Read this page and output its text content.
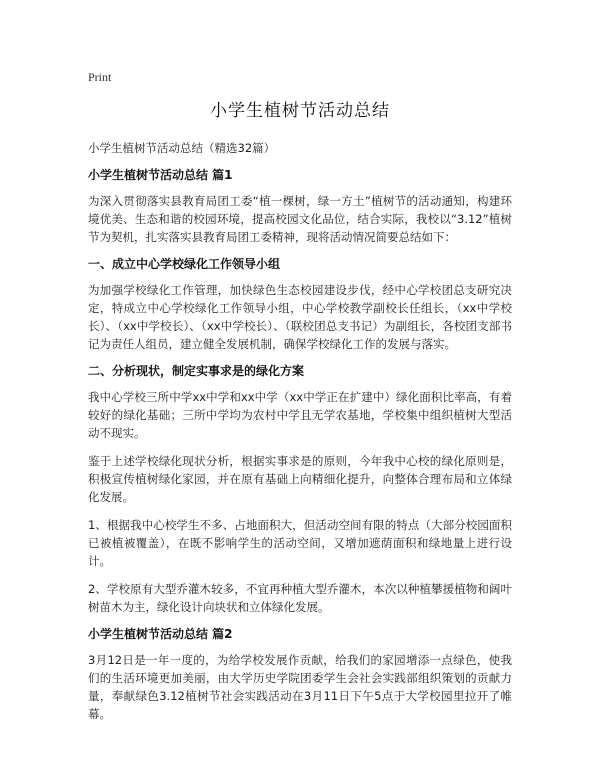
Print
小学生植树节活动总结

小学生植树节活动总结（精选32篇）

小学生植树节活动总结 篇1

为深入贯彻落实县教育局团工委“植一棵树，绿一方土”植树节的活动通知，构建环境优美、生态和谐的校园环境，提高校园文化品位，结合实际，我校以“3.12”植树节为契机，扎实落实县教育局团工委精神，现将活动情况简要总结如下：

一、成立中心学校绿化工作领导小组

为加强学校绿化工作管理，加快绿色生态校园建设步伐，经中心学校团总支研究决定，特成立中心学校绿化工作领导小组，中心学校教学副校长任组长，（xx中学校长）、（xx中学校长）、（xx中学校长）、（联校团总支书记）为副组长，各校团支部书记为责任人组员，建立健全发展机制，确保学校绿化工作的发展与落实。

二、分析现状，制定实事求是的绿化方案

我中心学校三所中学xx中学和xx中学（xx中学正在扩建中）绿化面积比率高，有着较好的绿化基础；三所中学均为农村中学且无学农基地，学校集中组织植树大型活动不现实。

鉴于上述学校绿化现状分析，根据实事求是的原则，今年我中心校的绿化原则是，积极宣传植树绿化家园，并在原有基础上向精细化提升，向整体合理布局和立体绿化发展。

1、根据我中心校学生不多、占地面积大，但活动空间有限的特点（大部分校园面积已被植被覆盖），在既不影响学生的活动空间，又增加遮荫面积和绿地量上进行设计。

2、学校原有大型乔灌木较多，不宜再种植大型乔灌木，本次以种植攀援植物和阔叶树苗木为主，绿化设计向块状和立体绿化发展。

小学生植树节活动总结 篇2

3月12日是一年一度的，为给学校发展作贡献，给我们的家园增添一点绿色，使我们的生活环境更加美丽，由大学历史学院团委学生会社会实践部组织策划的贡献力量，奉献绿色3.12植树节社会实践活动在3月11日下午5点于大学校园里拉开了帷幕。
